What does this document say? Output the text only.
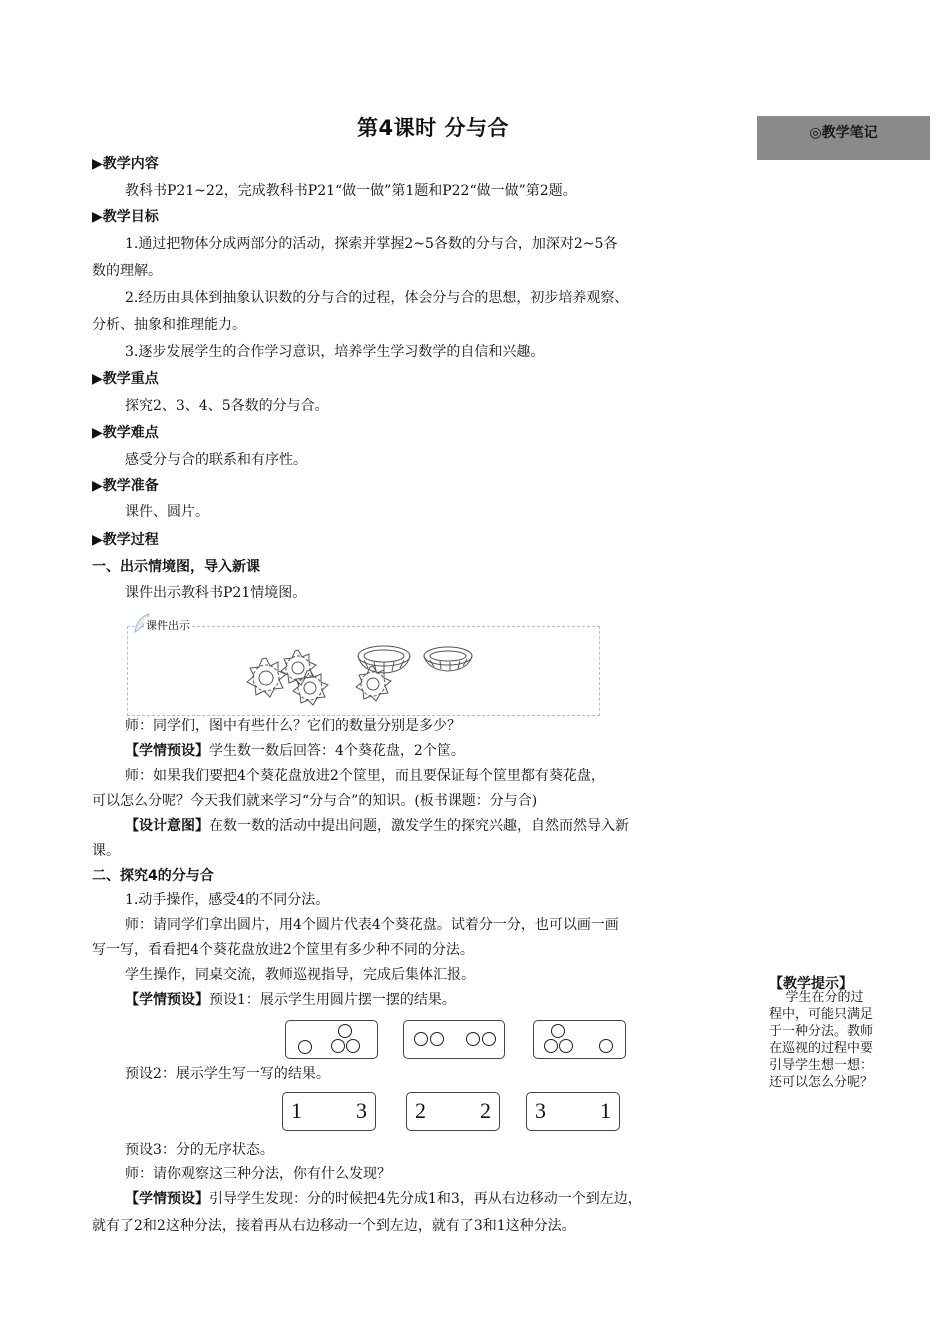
第4课时 分与合	◎教学笔记
▶教学内容
教科书P21~22，完成教科书P21“做一做”第1题和P22“做一做”第2题。
▶教学目标
1.通过把物体分成两部分的活动，探索并掌握2~5各数的分与合，加深对2~5各
数的理解。
2.经历由具体到抽象认识数的分与合的过程，体会分与合的思想，初步培养观察、
分析、抽象和推理能力。
3.逐步发展学生的合作学习意识，培养学生学习数学的自信和兴趣。
▶教学重点
探究2、3、4、5各数的分与合。
▶教学难点
感受分与合的联系和有序性。
▶教学准备
课件、圆片。
▶教学过程
一、出示情境图，导入新课
课件出示教科书P21情境图。
课件出示
师：同学们，图中有些什么？它们的数量分别是多少？
【学情预设】学生数一数后回答：4个葵花盘，2个筐。
师：如果我们要把4个葵花盘放进2个筐里，而且要保证每个筐里都有葵花盘，
可以怎么分呢？今天我们就来学习“分与合”的知识。(板书课题：分与合)
【设计意图】在数一数的活动中提出问题，激发学生的探究兴趣，自然而然导入新
课。
二、探究4的分与合
1.动手操作，感受4的不同分法。
师：请同学们拿出圆片，用4个圆片代表4个葵花盘。试着分一分，也可以画一画
写一写，看看把4个葵花盘放进2个筐里有多少种不同的分法。
学生操作，同桌交流，教师巡视指导，完成后集体汇报。
【学情预设】预设1：展示学生用圆片摆一摆的结果。
预设2：展示学生写一写的结果。
1 3 2 2 3 1
预设3：分的无序状态。
师：请你观察这三种分法，你有什么发现？
【学情预设】引导学生发现：分的时候把4先分成1和3，再从右边移动一个到左边，
就有了2和2这种分法，接着再从右边移动一个到左边，就有了3和1这种分法。
【教学提示】
学生在分的过
程中，可能只满足
于一种分法。教师
在巡视的过程中要
引导学生想一想：
还可以怎么分呢？
